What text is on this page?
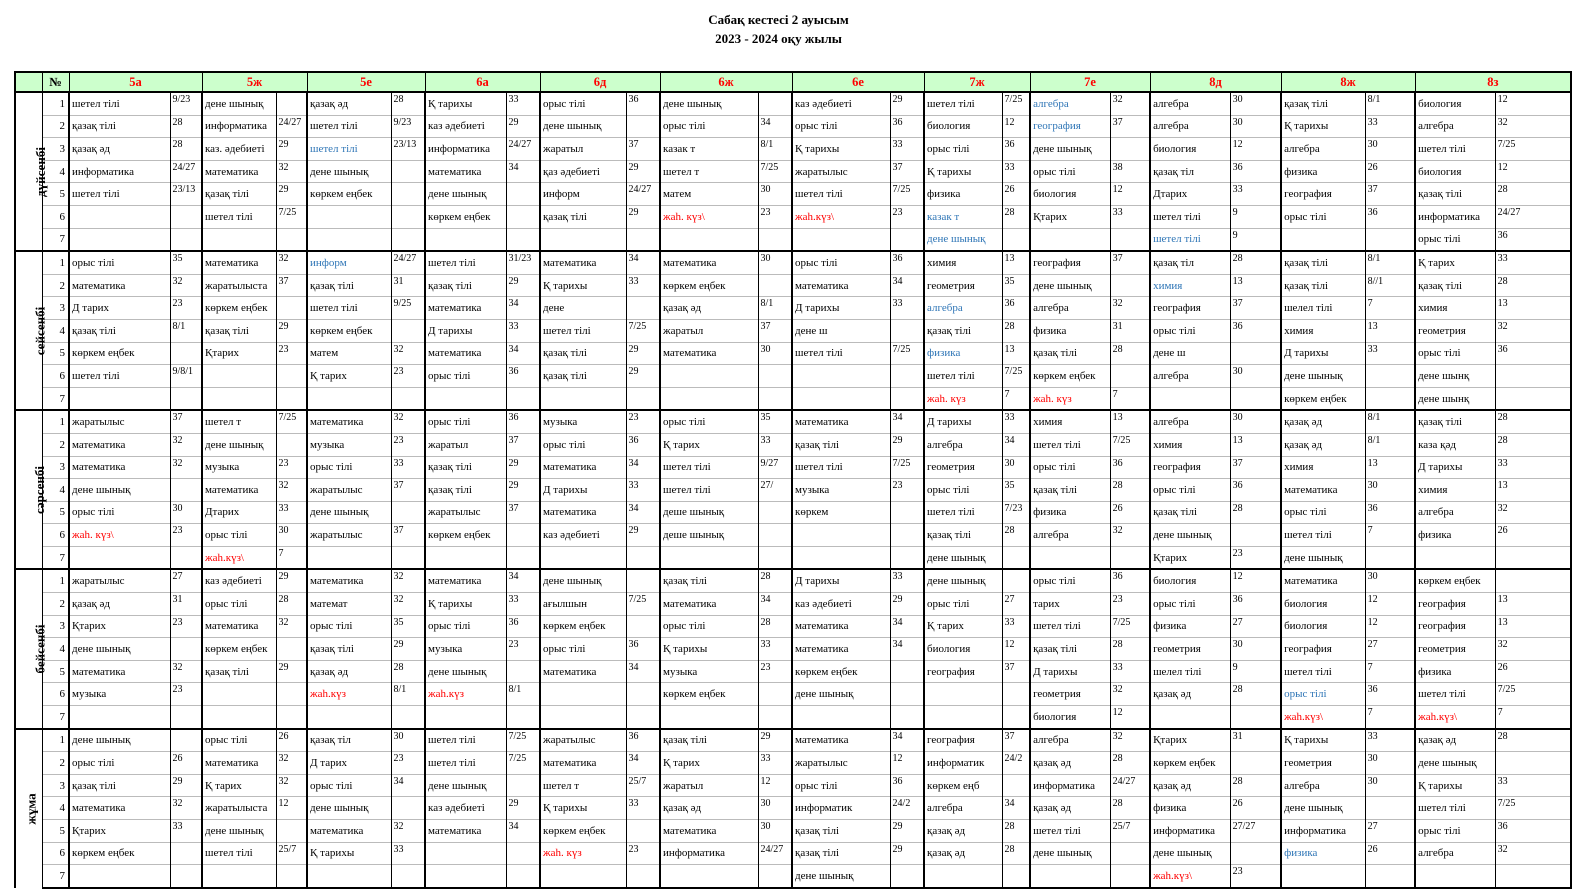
Сабақ кестесі 2 ауысым
2023 - 2024 оқу жылы
	№	5а		5ж		5е		6а		6д		6ж		6е		7ж		7е		8д		8ж		8з	
дүйсенбі	1	шетел тілі	9/23	дене шынық		қазақ әд	28	Қ тарихы	33	орыс тілі	36	дене шынық		каз әдебиеті	29	шетел тілі	7/25	алгебра	32	алгебра	30	қазақ тілі	8/1	биология	12
	2	қазақ тілі	28	информатика	24/27	шетел тілі	9/23	каз әдебиеті	29	дене шынық		орыс тілі	34	орыс тілі	36	биология	12	география	37	алгебра	30	Қ тарихы	33	алгебра	32
	3	қазақ әд	28	каз. әдебиеті	29	шетел тілі	23/13	информатика	24/27	жаратыл	37	казак т	8/1	Қ тарихы	33	орыс тілі	36	дене шынық		биология	12	алгебра	30	шетел тілі	7/25
	4	информатика	24/27	математика	32	дене шынық		математика	34	қаз әдебиеті	29	шетел т	7/25	жаратылыс	37	Қ тарихы	33	орыс тілі	38	қазақ тіл	36	физика	26	биология	12
	5	шетел тілі	23/13	қазақ тілі	29	көркем еңбек		дене шынық		информ	24/27	матем	30	шетел тілі	7/25	физика	26	биология	12	Дтарих	33	география	37	қазақ тілі	28
	6			шетел тілі	7/25			көркем еңбек		қазақ тілі	29	жаһ. күз\	23	жаһ.күз\	23	казак т	28	Қтарих	33	шетел тілі	9	орыс тілі	36	информатика	24/27
	7															дене шынық				шетел тілі	9			орыс тілі	36
сейсенбі	1	орыс тілі	35	математика	32	информ	24/27	шетел тілі	31/23	математика	34	математика	30	орыс тілі	36	химия	13	география	37	қазақ тіл	28	қазақ тілі	8/1	Қ тарих	33
	2	математика	32	жаратылыста	37	қазақ тілі	31	қазақ тілі	29	Қ тарихы	33	көркем еңбек		математика	34	геометрия	35	дене шынық		химия	13	қазақ тілі	8//1	қазақ тілі	28
	3	Д тарих	23	көркем еңбек		шетел тілі	9/25	математика	34	дене		қазақ әд	8/1	Д тарихы	33	алгебра	36	алгебра	32	география	37	шелел тілі	7	химия	13
	4	қазақ тілі	8/1	қазақ тілі	29	көркем еңбек		Д тарихы	33	шетел тілі	7/25	жаратыл	37	дене ш		қазақ тілі	28	физика	31	орыс тілі	36	химия	13	геометрия	32
	5	көркем еңбек		Қтарих	23	матем	32	математика	34	қазақ тілі	29	математика	30	шетел тілі	7/25	физика	13	қазақ тілі	28	дене ш		Д тарихы	33	орыс тілі	36
	6	шетел тілі	9/8/1			Қ тарих	23	орыс тілі	36	қазақ тілі	29					шетел тілі	7/25	көркем еңбек		алгебра	30	дене шынық		дене шынқ	
	7															жаһ. күз	7	жаһ. күз	7			көркем еңбек		дене шынқ	
сәрсенбі	1	жаратылыс	37	шетел т	7/25	математика	32	орыс тілі	36	музыка	23	орыс тілі	35	математика	34	Д тарихы	33	химия	13	алгебра	30	қазақ әд	8/1	қазақ тілі	28
	2	математика	32	дене шынық		музыка	23	жаратыл	37	орыс тілі	36	Қ тарих	33	қазақ тілі	29	алгебра	34	шетел тілі	7/25	химия	13	қазақ әд	8/1	каза қәд	28
	3	математика	32	музыка	23	орыс тілі	33	қазақ тілі	29	математика	34	шетел тілі	9/27	шетел тілі	7/25	геометрия	30	орыс тілі	36	география	37	химия	13	Д тарихы	33
	4	дене шынық		математика	32	жаратылыс	37	қазақ тілі	29	Д тарихы	33	шетел тілі	27/	музыка	23	орыс тілі	35	қазақ тілі	28	орыс тілі	36	математика	30	химия	13
	5	орыс тілі	30	Дтарих	33	дене шынық		жаратылыс	37	математика	34	деше шынық		көркем		шетел тілі	7/23	физика	26	қазақ тілі	28	орыс тілі	36	алгебра	32
	6	жаһ. күз\	23	орыс тілі	30	жаратылыс	37	көркем еңбек		каз әдебиеті	29	деше шынық				қазақ тілі	28	алгебра	32	дене шынық		шетел тілі	7	физика	26
	7			жаһ.күз\	7											дене шынық				Қтарих	23	дене шынық			
бейсенбі	1	жаратылыс	27	каз әдебиеті	29	математика	32	математика	34	дене шынық		қазақ тілі	28	Д тарихы	33	дене шынық		орыс тілі	36	биология	12	математика	30	көркем еңбек	
	2	қазақ әд	31	орыс тілі	28	математ	32	Қ тарихы	33	ағылшын	7/25	математика	34	каз әдебиеті	29	орыс тілі	27	тарих	23	орыс тілі	36	биология	12	география	13
	3	Қтарих	23	математика	32	орыс тілі	35	орыс тілі	36	көркем еңбек		орыс тілі	28	математика	34	Қ тарих	33	шетел тілі	7/25	физика	27	биология	12	география	13
	4	дене шынық		көркем еңбек		қазақ тілі	29	музыка	23	орыс тілі	36	Қ тарихы	33	математика	34	биология	12	қазақ тілі	28	геометрия	30	география	27	геометрия	32
	5	математика	32	қазақ тілі	29	қазақ әд	28	дене шынық		математика	34	музыка	23	көркем еңбек		география	37	Д тарихы	33	шелел тілі	9	шетел тілі	7	физика	26
	6	музыка	23			жаһ.күз	8/1	жаһ.күз	8/1			көркем еңбек		дене шынық				геометрия	32	қазақ әд	28	орыс тілі	36	шетел тілі	7/25
	7																	биология	12			жаһ.күз\	7	жаһ.күз\	7
жұма	1	дене шынық		орыс тілі	26	қазақ тіл	30	шетел тілі	7/25	жаратылыс	36	қазақ тілі	29	математика	34	география	37	алгебра	32	Қтарих	31	Қ тарихы	33	қазақ әд	28
	2	орыс тілі	26	математика	32	Д тарих	23	шетел тілі	7/25	математика	34	Қ тарих	33	жаратылыс	12	информатик	24/2	қазақ әд	28	көркем еңбек		геометрия	30	дене шынық	
	3	қазақ тілі	29	Қ тарих	32	орыс тілі	34	дене шынық		шетел т	25/7	жаратыл	12	орыс тілі	36	көркем еңб		информатика	24/27	қазақ әд	28	алгебра	30	Қ тарихы	33
	4	математика	32	жаратылыста	12	дене шынық		каз әдебиеті	29	Қ тарихы	33	қазақ әд	30	информатик	24/2	алгебра	34	қазақ әд	28	физика	26	дене шынық		шетел тілі	7/25
	5	Қтарих	33	дене шынық		математика	32	математика	34	көркем еңбек		математика	30	қазақ тілі	29	қазақ әд	28	шетел тілі	25/7	информатика	27/27	информатика	27	орыс тілі	36
	6	көркем еңбек		шетел тілі	25/7	Қ тарихы	33			жаһ. күз	23	информатика	24/27	қазақ тілі	29	қазақ әд	28	дене шынық		дене шынық		физика	26	алгебра	32
	7													дене шынық						жаһ.күз\	23				
